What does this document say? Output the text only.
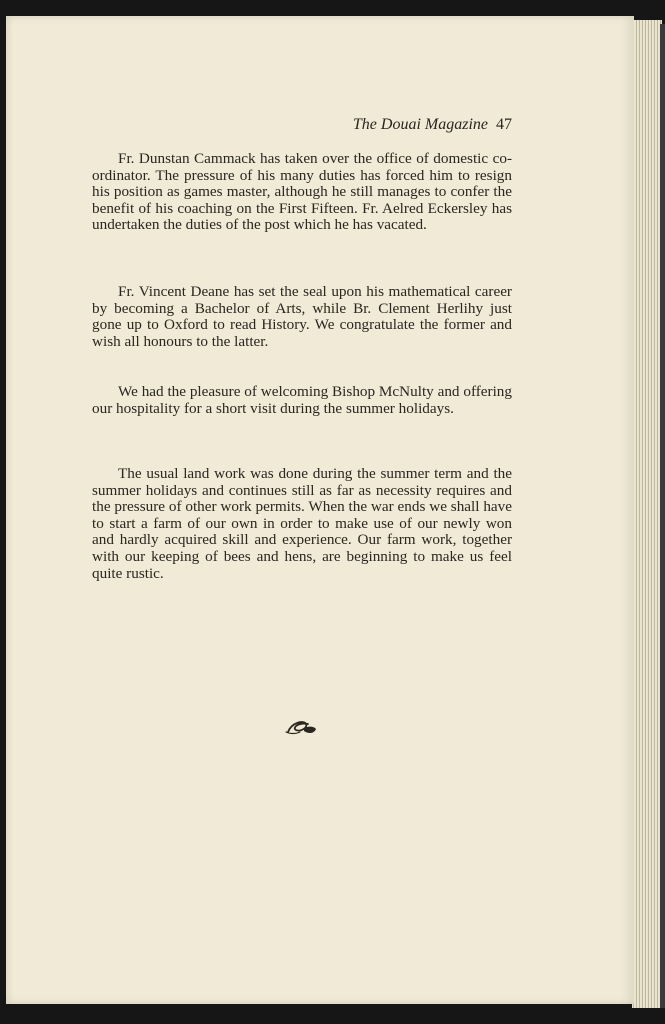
The Douai Magazine 47

Fr. Dunstan Cammack has taken over the office of domestic co-ordinator. The pressure of his many duties has forced him to resign his position as games master, although he still manages to confer the benefit of his coaching on the First Fifteen. Fr. Aelred Eckersley has undertaken the duties of the post which he has vacated.

Fr. Vincent Deane has set the seal upon his mathematical career by becoming a Bachelor of Arts, while Br. Clement Herlihy just gone up to Oxford to read History. We congratulate the former and wish all honours to the latter.

We had the pleasure of welcoming Bishop McNulty and offering our hospitality for a short visit during the summer holidays.

The usual land work was done during the summer term and the summer holidays and continues still as far as necessity requires and the pressure of other work permits. When the war ends we shall have to start a farm of our own in order to make use of our newly won and hardly acquired skill and experience. Our farm work, together with our keeping of bees and hens, are beginning to make us feel quite rustic.
